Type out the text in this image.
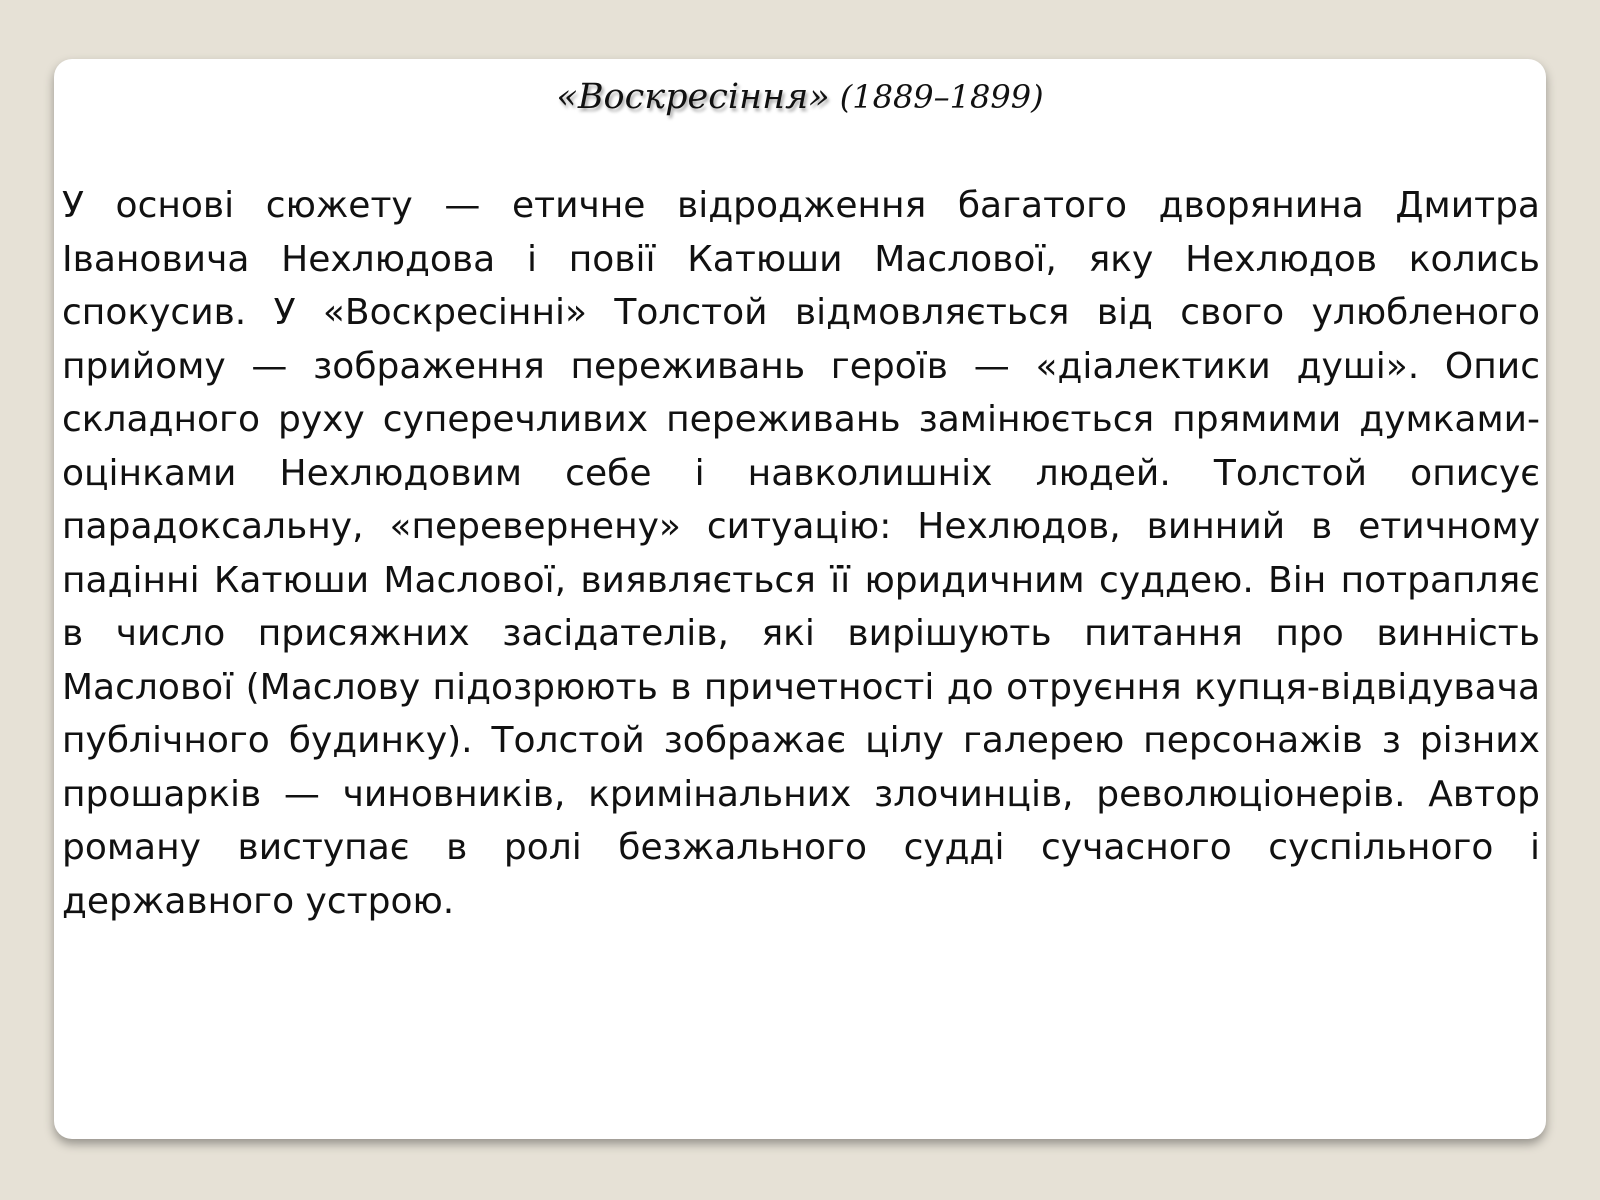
«Воскресіння» (1889–1899)

У основі сюжету — етичне відродження багатого дворянина Дмитра Івановича Нехлюдова і повії Катюши Маслової, яку Нехлюдов колись спокусив. У «Воскресінні» Толстой відмовляється від свого улюбленого прийому — зображення переживань героїв — «діалектики душі». Опис складного руху суперечливих переживань замінюється прямими думками-оцінками Нехлюдовим себе і навколишніх людей. Толстой описує парадоксальну, «перевернену» ситуацію: Нехлюдов, винний в етичному падінні Катюши Маслової, виявляється її юридичним суддею. Він потрапляє в число присяжних засідателів, які вирішують питання про винність Маслової (Маслову підозрюють в причетності до отруєння купця-відвідувача публічного будинку). Толстой зображає цілу галерею персонажів з різних прошарків — чиновників, кримінальних злочинців, революціонерів. Автор роману виступає в ролі безжального судді сучасного суспільного і державного устрою.
